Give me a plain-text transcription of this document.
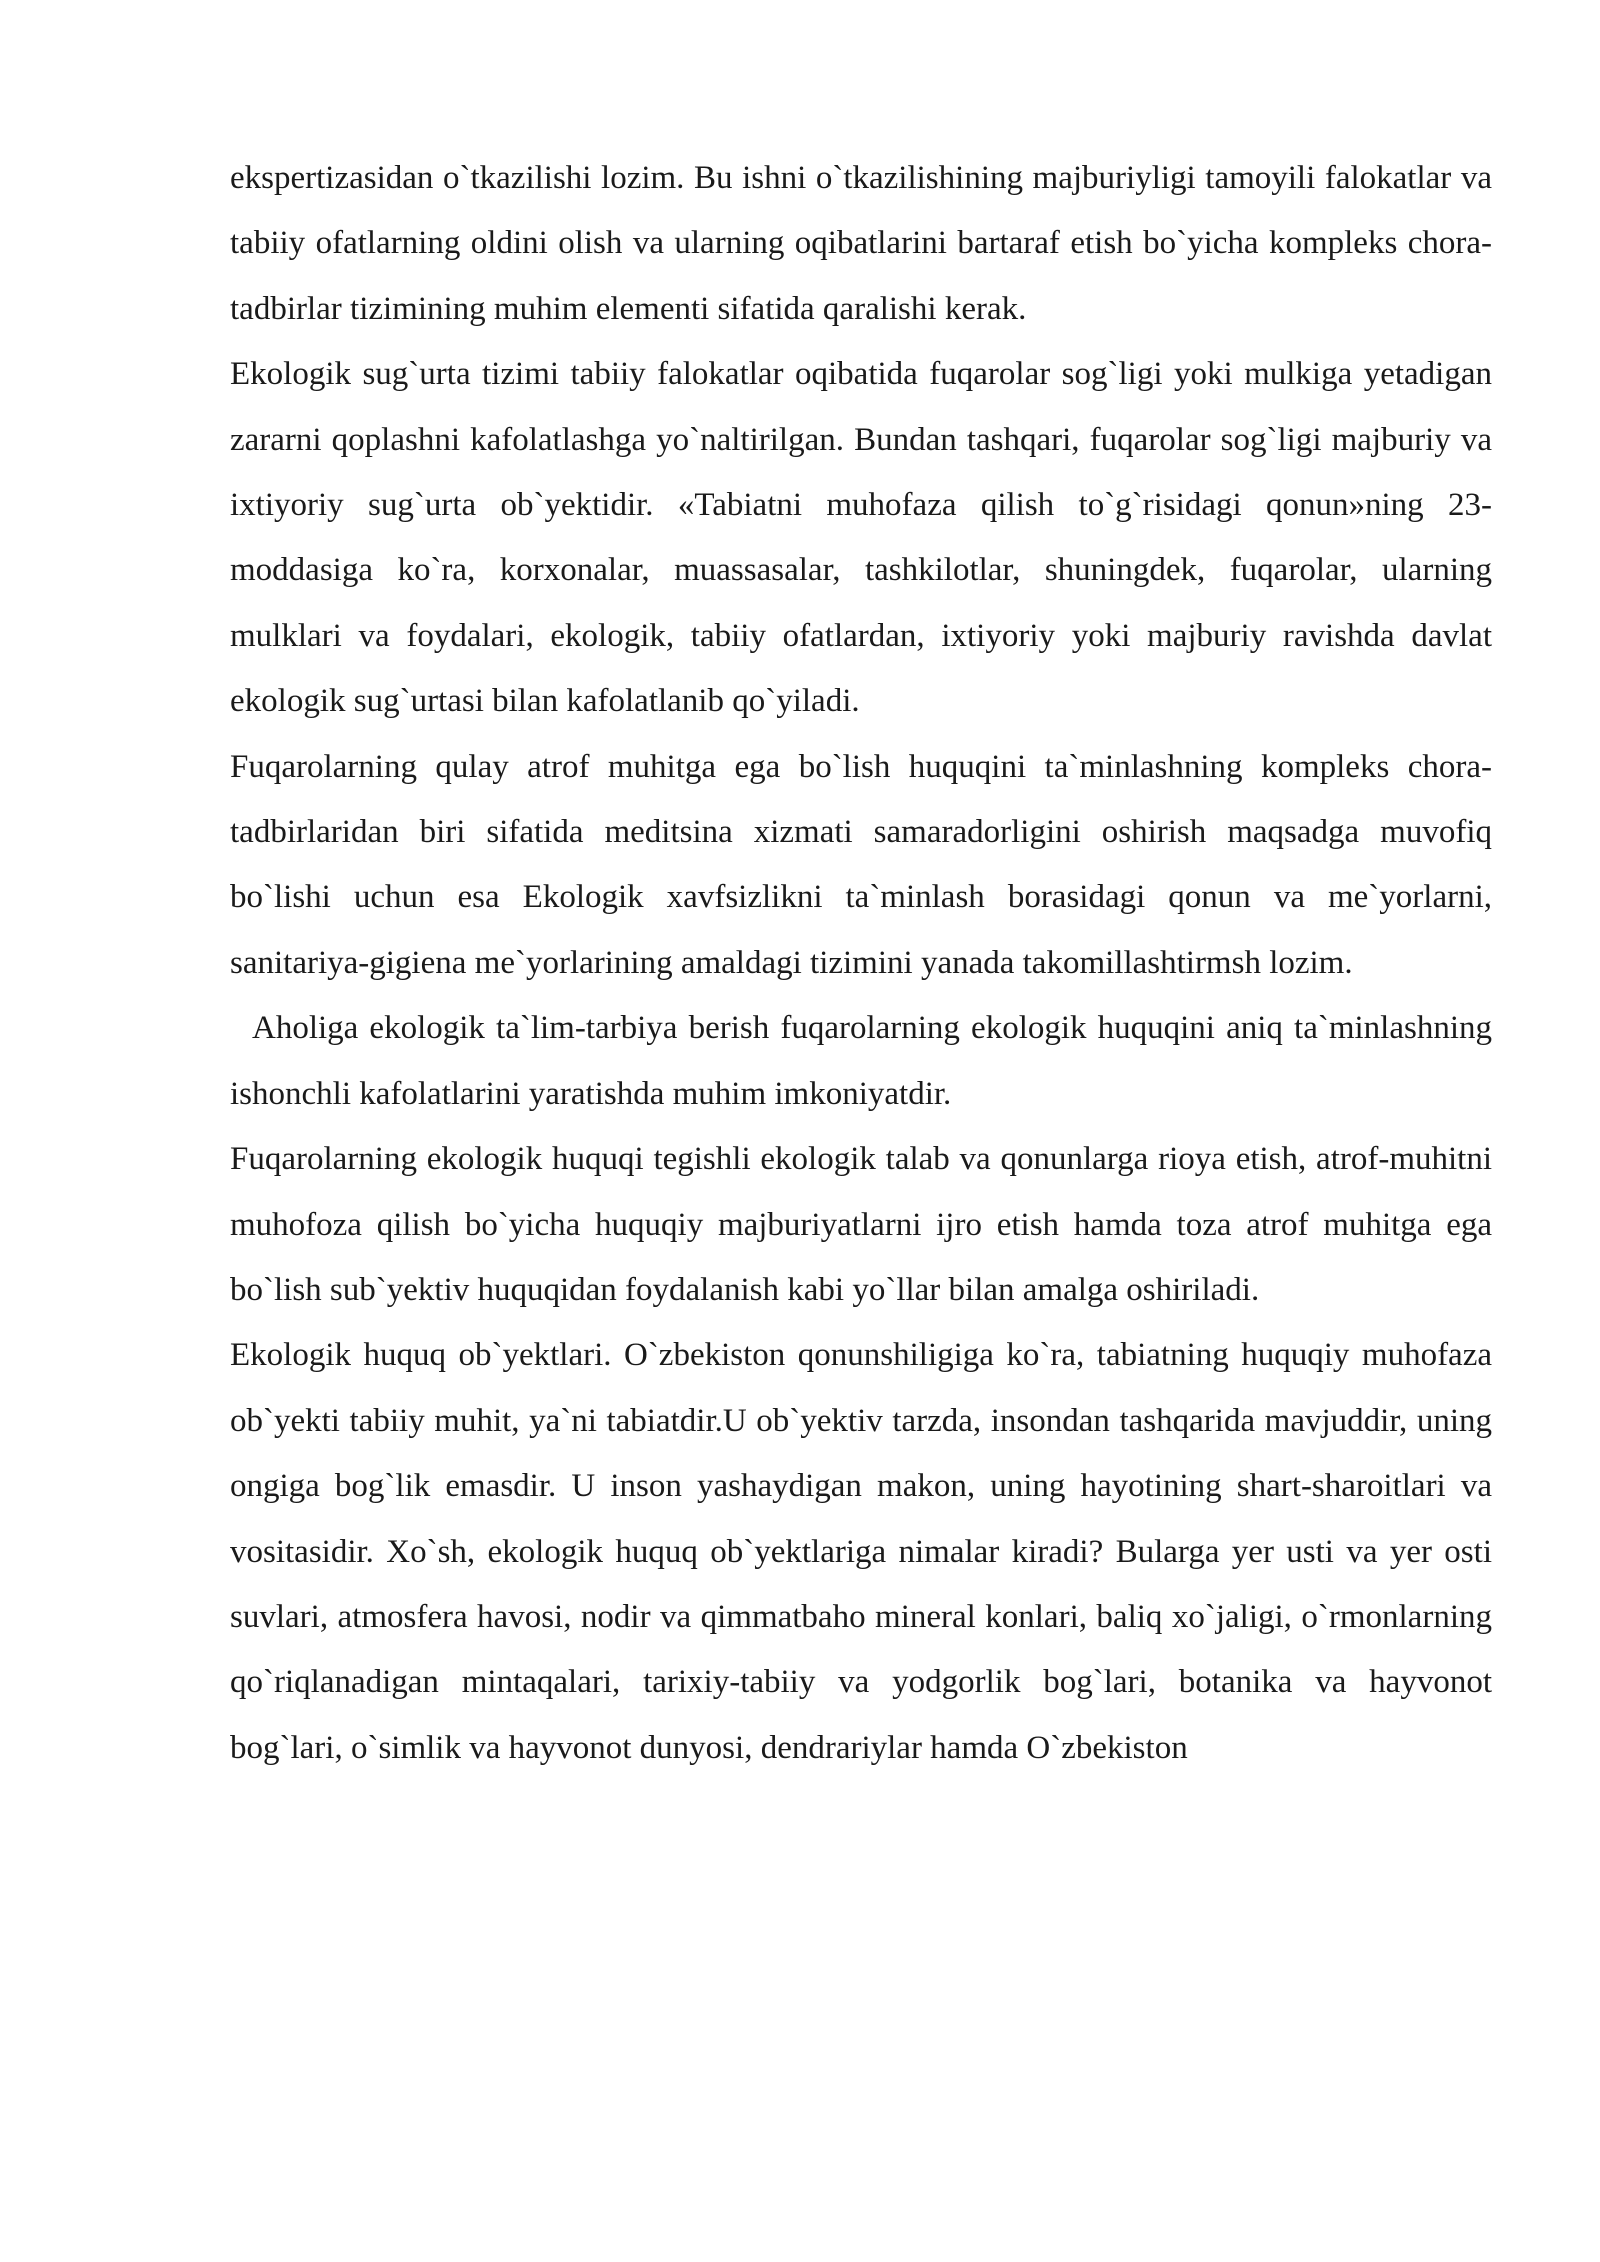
ekspertizasidan o`tkazilishi lozim. Bu ishni o`tkazilishining majburiyligi tamoyili falokatlar va tabiiy ofatlarning oldini olish va ularning oqibatlarini bartaraf etish bo`yicha kompleks chora-tadbirlar tizimining muhim elementi sifatida qaralishi kerak.

Ekologik sug`urta tizimi tabiiy falokatlar oqibatida fuqarolar sog`ligi yoki mulkiga yetadigan zararni qoplashni kafolatlashga yo`naltirilgan. Bundan tashqari, fuqarolar sog`ligi majburiy va ixtiyoriy sug`urta ob`yektidir. «Tabiatni muhofaza qilish to`g`risidagi qonun»ning 23-moddasiga ko`ra, korxonalar, muassasalar, tashkilotlar, shuningdek, fuqarolar, ularning mulklari va foydalari, ekologik, tabiiy ofatlardan, ixtiyoriy yoki majburiy ravishda davlat ekologik sug`urtasi bilan kafolatlanib qo`yiladi.

Fuqarolarning qulay atrof muhitga ega bo`lish huquqini ta`minlashning kompleks chora-tadbirlaridan biri sifatida meditsina xizmati samaradorligini oshirish maqsadga muvofiq bo`lishi uchun esa Ekologik xavfsizlikni ta`minlash borasidagi qonun va me`yorlarni, sanitariya-gigiena me`yorlarining amaldagi tizimini yanada takomillashtirmsh lozim.

Aholiga ekologik ta`lim-tarbiya berish fuqarolarning ekologik huquqini aniq ta`minlashning ishonchli kafolatlarini yaratishda muhim imkoniyatdir.

Fuqarolarning ekologik huquqi tegishli ekologik talab va qonunlarga rioya etish, atrof-muhitni muhofoza qilish bo`yicha huquqiy majburiyatlarni ijro etish hamda toza atrof muhitga ega bo`lish sub`yektiv huquqidan foydalanish kabi yo`llar bilan amalga oshiriladi.

Ekologik huquq ob`yektlari. O`zbekiston qonunshiligiga ko`ra, tabiatning huquqiy muhofaza ob`yekti tabiiy muhit, ya`ni tabiatdir.U ob`yektiv tarzda, insondan tashqarida mavjuddir, uning ongiga bog`lik emasdir. U inson yashaydigan makon, uning hayotining shart-sharoitlari va vositasidir. Xo`sh, ekologik huquq ob`yektlariga nimalar kiradi? Bularga yer usti va yer osti suvlari, atmosfera havosi, nodir va qimmatbaho mineral konlari, baliq xo`jaligi, o`rmonlarning qo`riqlanadigan mintaqalari, tarixiy-tabiiy va yodgorlik bog`lari, botanika va hayvonot bog`lari, o`simlik va hayvonot dunyosi, dendrariylar hamda O`zbekiston
